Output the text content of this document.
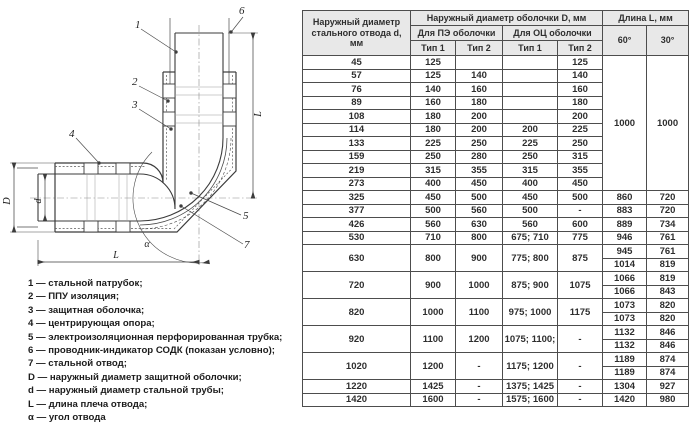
D d
L
L
α
1
2
3
4
5
6
7
1 — стальной патрубок;
2 — ППУ изоляция;
3 — защитная оболочка;
4 — центрирующая опора;
5 — электроизоляционная перфорированная трубка;
6 — проводник-индикатор СОДК (показан условно);
7 — стальной отвод;
D — наружный диаметр защитной оболочки;
d — наружный диаметр стальной трубы;
L — длина плеча отвода;
α — угол отвода
Наружный диаметр стального отвода d, мм	Наружный диаметр оболочки D, мм				Длина L, мм	
	Для ПЭ оболочки		Для ОЦ оболочки		60°	30°
	Тип 1	Тип 2	Тип 1	Тип 2		
45	125			125	1000	1000
57	125	140		140		
76	140	160		160		
89	160	180		180		
108	180	200		200		
114	180	200	200	225		
133	225	250	225	250		
159	250	280	250	315		
219	315	355	315	355		
273	400	450	400	450		
325	450	500	450	500	860	720
377	500	560	500	-	883	720
426	560	630	560	600	889	734
530	710	800	675; 710	775	946	761
630	800	900	775; 800	875	945	761
					1014	819
720	900	1000	875; 900	1075	1066	819
					1066	843
820	1000	1100	975; 1000	1175	1073	820
					1073	820
920	1100	1200	1075; 1100;	-	1132	846
					1132	846
1020	1200	-	1175; 1200	-	1189	874
					1189	874
1220	1425	-	1375; 1425	-	1304	927
1420	1600	-	1575; 1600	-	1420	980
